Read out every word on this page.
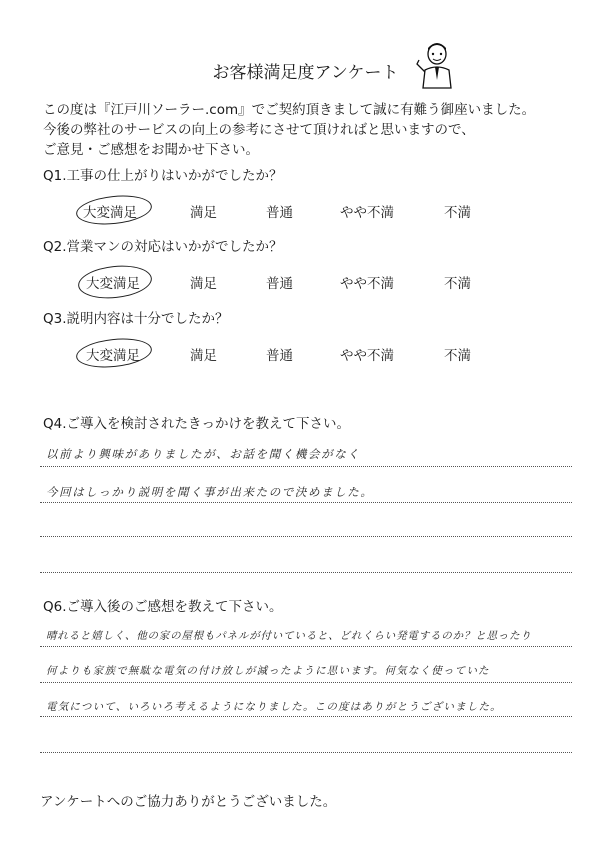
お客様満足度アンケート
この度は『江戸川ソーラー.com』でご契約頂きまして誠に有難う御座いました。
今後の弊社のサービスの向上の参考にさせて頂ければと思いますので、
ご意見・ご感想をお聞かせ下さい。
Q1.工事の仕上がりはいかがでしたか？
大変満足	満足	普通	やや不満	不満
Q2.営業マンの対応はいかがでしたか？
大変満足	満足	普通	やや不満	不満
Q3.説明内容は十分でしたか？
大変満足	満足	普通	やや不満	不満
Q4.ご導入を検討されたきっかけを教えて下さい。
以前より興味がありましたが、お話を聞く機会がなく
今回はしっかり説明を聞く事が出来たので決めました。
Q6.ご導入後のご感想を教えて下さい。
晴れると嬉しく、他の家の屋根もパネルが付いていると、どれくらい発電するのか？と思ったり
何よりも家族で無駄な電気の付け放しが減ったように思います。何気なく使っていた
電気について、いろいろ考えるようになりました。この度はありがとうございました。
アンケートへのご協力ありがとうございました。
